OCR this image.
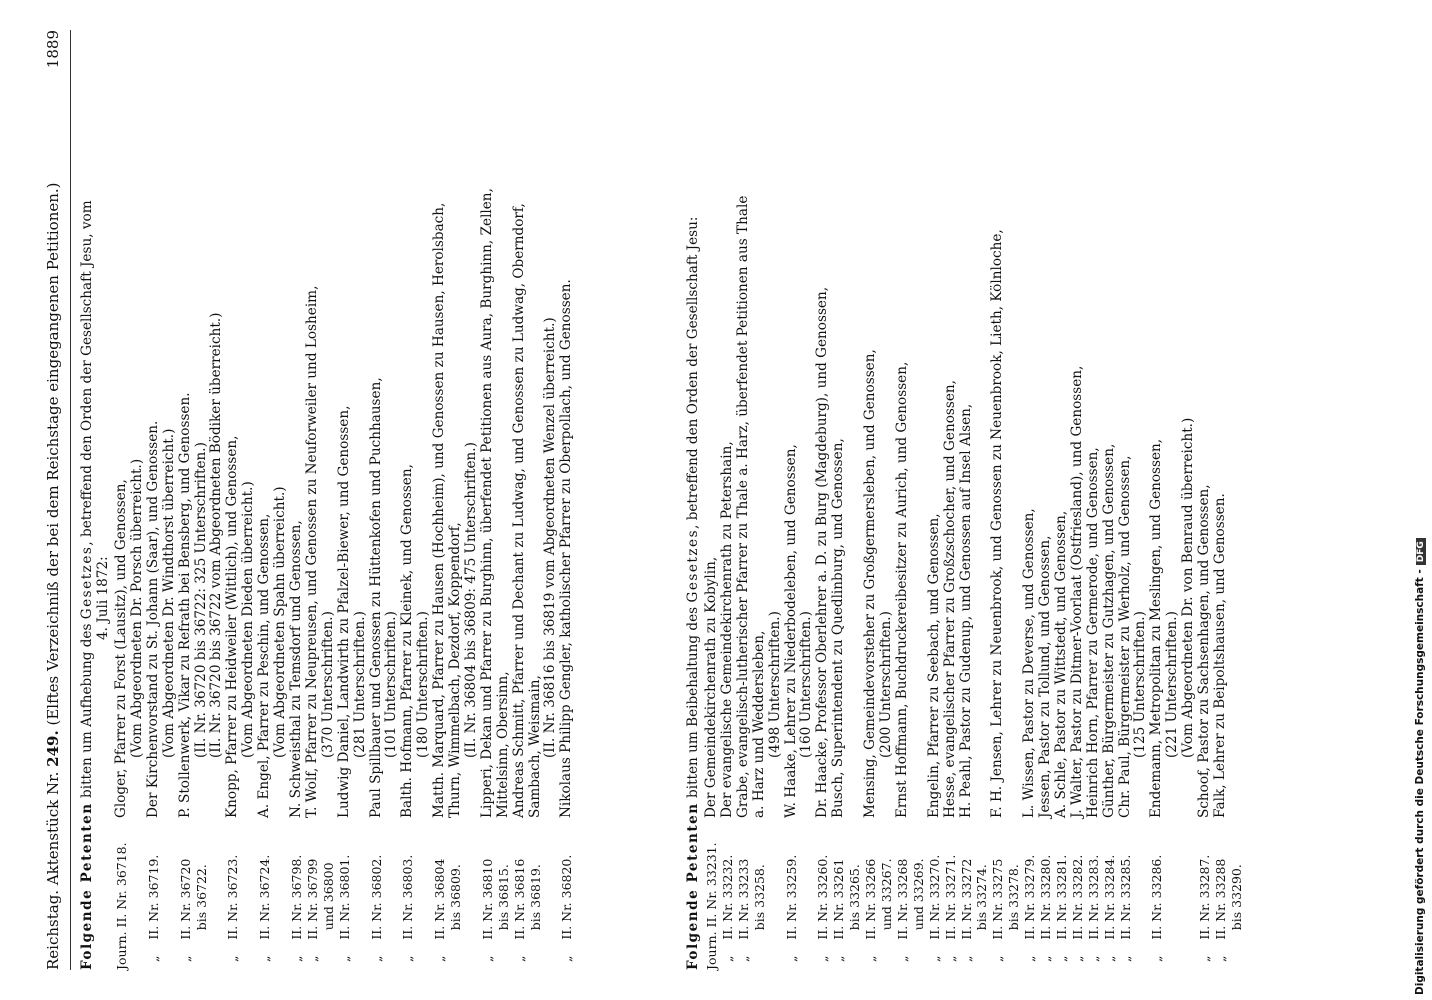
Reichstag. Aktenstück Nr. 249. (Elftes Verzeichniß der bei dem Reichstage eingegangenen Petitionen.)
1889
Folgende Petenten bitten um Aufhebung des Gesetzes, betreffend den Orden der Gesellschaft Jesu, vom
4. Juli 1872:
Journ. II. Nr. 36718.
Gloger, Pfarrer zu Forst (Lausitz), und Genossen, (Vom Abgeordneten Dr. Porsch überreicht.)
„    II. Nr. 36719.
Der Kirchenvorstand zu St. Johann (Saar), und Genossen. (Vom Abgeordneten Dr. Windthorst überreicht.)
„    II. Nr. 36720 bis 36722.
P. Stollenwerk, Vikar zu Refrath bei Bensberg, und Genossen. (II. Nr. 36720 bis 36722: 325 Unterschriften.) (II. Nr. 36720 bis 36722 vom Abgeordneten Bödiker überreicht.)
„    II. Nr. 36723.
Knopp, Pfarrer zu Heidweiler (Wittlich), und Genossen, (Vom Abgeordneten Dieden überreicht.)
„    II. Nr. 36724.
A. Engel, Pfarrer zu Peschin, und Genossen, (Vom Abgeordneten Spahn überreicht.)
„    II. Nr. 36798. „    II. Nr. 36799 und 36800 „    II. Nr. 36801.
N. Schweisthal zu Temsdorf und Genossen, T. Wolf, Pfarrer zu Neupreusen, und Genossen zu Neuforweiler und Losheim, (370 Unterschriften.) Ludwig Daniel, Landwirth zu Pfalzel-Biewer, und Genossen, (281 Unterschriften.)
„    II. Nr. 36802.
Paul Spillbauer und Genossen zu Hüttenkofen und Puchhausen, (101 Unterschriften.)
„    II. Nr. 36803.
Balth. Hofmann, Pfarrer zu Kleinek, und Genossen, (180 Unterschriften.)
„    II. Nr. 36804 bis 36809.
Matth. Marquard, Pfarrer zu Hausen (Hochheim), und Genossen zu Hausen, Herolsbach, Thurn, Wimmelbach, Dezdorf, Koppendorf, (II. Nr. 36804 bis 36809: 475 Unterschriften.)
„    II. Nr. 36810 bis 36815.
Lipperi, Dekan und Pfarrer zu Burghinn, überfendet Petitionen aus Aura, Burghinn, Zellen, Mittelsinn, Obersinn,
„    II. Nr. 36816 bis 36819.
Andreas Schmitt, Pfarrer und Dechant zu Ludwag, und Genossen zu Ludwag, Oberndorf, Sambach, Weismain, (II. Nr. 36816 bis 36819 vom Abgeordneten Wenzel überreicht.)
„    II. Nr. 36820.
Nikolaus Philipp Gengler, katholischer Pfarrer zu Oberpollach, und Genossen.
Folgende Petenten bitten um Beibehaltung des Gesetzes, betreffend den Orden der Gesellschaft Jesu:
Journ. II. Nr. 33231.
Der Gemeindekirchenrath zu Kobylin,
„    II. Nr. 33232.
Der evangelische Gemeindekirchenrath zu Petershain,
„    II. Nr. 33233 bis 33258.
Grabe, evangelisch-lutherischer Pfarrer zu Thale a. Harz, überfendet Petitionen aus Thale a. Harz und Weddersleben, (498 Unterschriften.)
„    II. Nr. 33259.
W. Haake, Lehrer zu Niederbodeleben, und Genossen, (160 Unterschriften.)
„    II. Nr. 33260. „    II. Nr. 33261 bis 33265.
Dr. Haacke, Professor Oberlehrer a. D. zu Burg (Magdeburg), und Genossen, Busch, Superintendent zu Quedlinburg, und Genossen,
„    II. Nr. 33266 und 33267.
Mensing, Gemeindevorsteher zu Großgermersleben, und Genossen, (200 Unterschriften.)
„    II. Nr. 33268 und 33269.
Ernst Hoffmann, Buchdruckereibesitzer zu Aurich, und Genossen,
„    II. Nr. 33270. „    II. Nr. 33271. „    II. Nr. 33272 bis 33274.
Engelin, Pfarrer zu Seebach, und Genossen, Hesse, evangelischer Pfarrer zu Großzschocher, und Genossen, H. Peahl, Pastor zu Gudenup, und Genossen auf Insel Alsen,
„    II. Nr. 33275 bis 33278.
F. H. Jensen, Lehrer zu Neuenbrook, und Genossen zu Neuenbrook, Lieth, Kölnloche,
„    II. Nr. 33279. „    II. Nr. 33280. „    II. Nr. 33281. „    II. Nr. 33282. „    II. Nr. 33283. „    II. Nr. 33284. „    II. Nr. 33285.
L. Wissen, Pastor zu Deverse, und Genossen, Jessen, Pastor zu Tollund, und Genossen, A. Schle, Pastor zu Wittstedt, und Genossen, J. Walter, Pastor zu Ditmer-Voorlaat (Ostfriesland), und Genossen, Heinrich Horn, Pfarrer zu Germerode, und Genossen, Günther, Bürgermeister zu Gutzhagen, und Genossen, Chr. Paul, Bürgermeister zu Werholz, und Genossen, (125 Unterschriften.)
„    II. Nr. 33286.
Endemann, Metropolitan zu Meslingen, und Genossen, (221 Unterschriften.) (Vom Abgeordneten Dr. von Benraud überreicht.)
„    II. Nr. 33287. „    II. Nr. 33288 bis 33290.
Schoof, Pastor zu Sachsenhagen, und Genossen, Falk, Lehrer zu Beipoltshausen, und Genossen.	Digitalisierung gefördert durch die Deutsche Forschungsgemeinschaft -DFG
